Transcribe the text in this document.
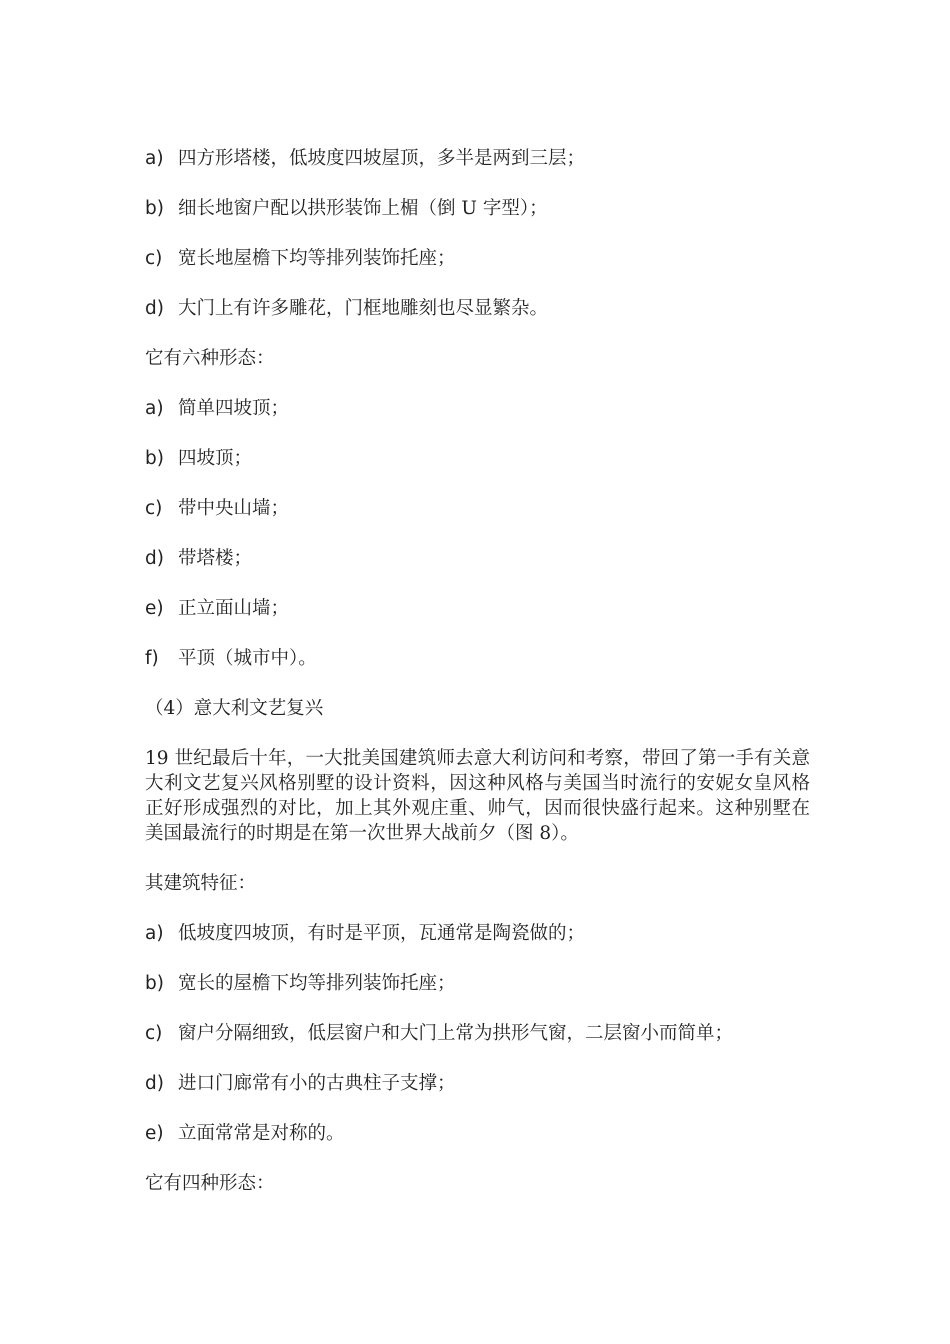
a) 四方形塔楼，低坡度四坡屋顶，多半是两到三层；
b) 细长地窗户配以拱形装饰上楣（倒 U 字型）；
c) 宽长地屋檐下均等排列装饰托座；
d) 大门上有许多雕花，门框地雕刻也尽显繁杂。
它有六种形态：
a) 简单四坡顶；
b) 四坡顶；
c) 带中央山墙；
d) 带塔楼；
e) 正立面山墙；
f)	平顶（城市中）。
（4）意大利文艺复兴
19 世纪最后十年，一大批美国建筑师去意大利访问和考察，带回了第一手有关意大利文艺复兴风格别墅的设计资料，因这种风格与美国当时流行的安妮女皇风格正好形成强烈的对比，加上其外观庄重、帅气，因而很快盛行起来。这种别墅在美国最流行的时期是在第一次世界大战前夕（图 8）。
其建筑特征：
a) 低坡度四坡顶，有时是平顶，瓦通常是陶瓷做的；
b) 宽长的屋檐下均等排列装饰托座；
c) 窗户分隔细致，低层窗户和大门上常为拱形气窗，二层窗小而简单；
d) 进口门廊常有小的古典柱子支撑；
e) 立面常常是对称的。
它有四种形态：
